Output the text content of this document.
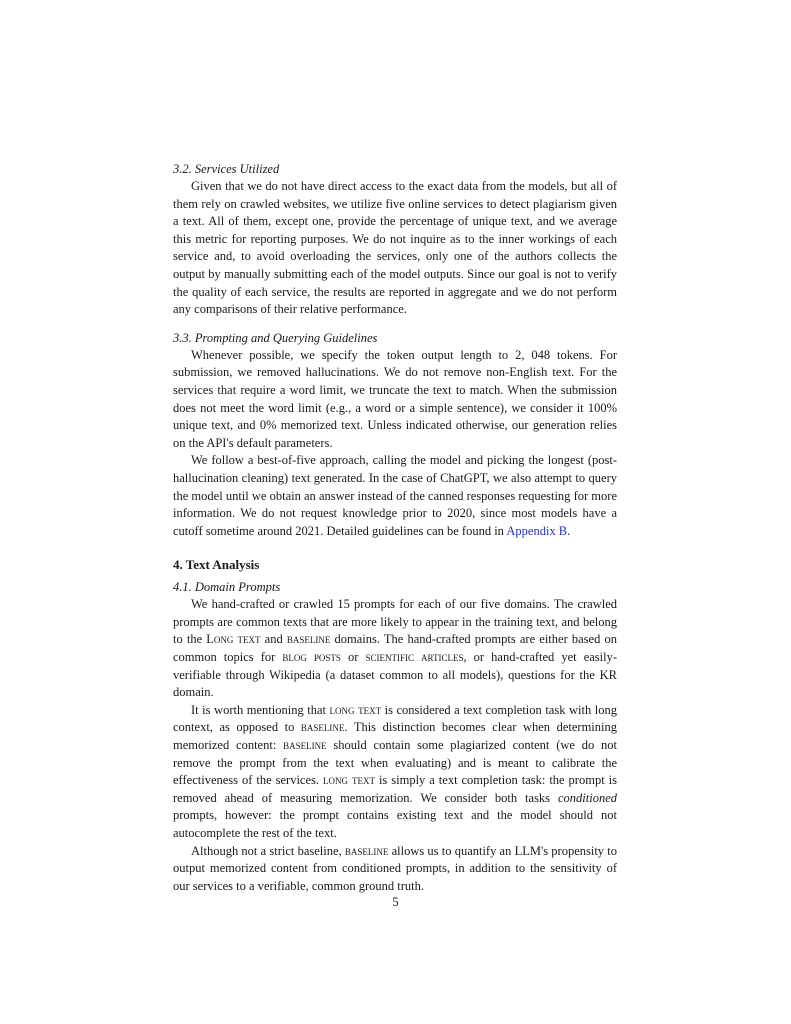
3.2. Services Utilized

Given that we do not have direct access to the exact data from the models, but all of them rely on crawled websites, we utilize five online services to detect plagiarism given a text. All of them, except one, provide the percentage of unique text, and we average this metric for reporting purposes. We do not inquire as to the inner workings of each service and, to avoid overloading the services, only one of the authors collects the output by manually submitting each of the model outputs. Since our goal is not to verify the quality of each service, the results are reported in aggregate and we do not perform any comparisons of their relative performance.

3.3. Prompting and Querying Guidelines

Whenever possible, we specify the token output length to 2, 048 tokens. For submission, we removed hallucinations. We do not remove non-English text. For the services that require a word limit, we truncate the text to match. When the submission does not meet the word limit (e.g., a word or a simple sentence), we consider it 100% unique text, and 0% memorized text. Unless indicated otherwise, our generation relies on the API's default parameters.

We follow a best-of-five approach, calling the model and picking the longest (post-hallucination cleaning) text generated. In the case of ChatGPT, we also attempt to query the model until we obtain an answer instead of the canned responses requesting for more information. We do not request knowledge prior to 2020, since most models have a cutoff sometime around 2021. Detailed guidelines can be found in Appendix B.

4. Text Analysis

4.1. Domain Prompts

We hand-crafted or crawled 15 prompts for each of our five domains. The crawled prompts are common texts that are more likely to appear in the training text, and belong to the Long text and baseline domains. The hand-crafted prompts are either based on common topics for blog posts or scientific articles, or hand-crafted yet easily-verifiable through Wikipedia (a dataset common to all models), questions for the KR domain.

It is worth mentioning that long text is considered a text completion task with long context, as opposed to baseline. This distinction becomes clear when determining memorized content: baseline should contain some plagiarized content (we do not remove the prompt from the text when evaluating) and is meant to calibrate the effectiveness of the services. long text is simply a text completion task: the prompt is removed ahead of measuring memorization. We consider both tasks conditioned prompts, however: the prompt contains existing text and the model should not autocomplete the rest of the text.

Although not a strict baseline, baseline allows us to quantify an LLM's propensity to output memorized content from conditioned prompts, in addition to the sensitivity of our services to a verifiable, common ground truth.

5
